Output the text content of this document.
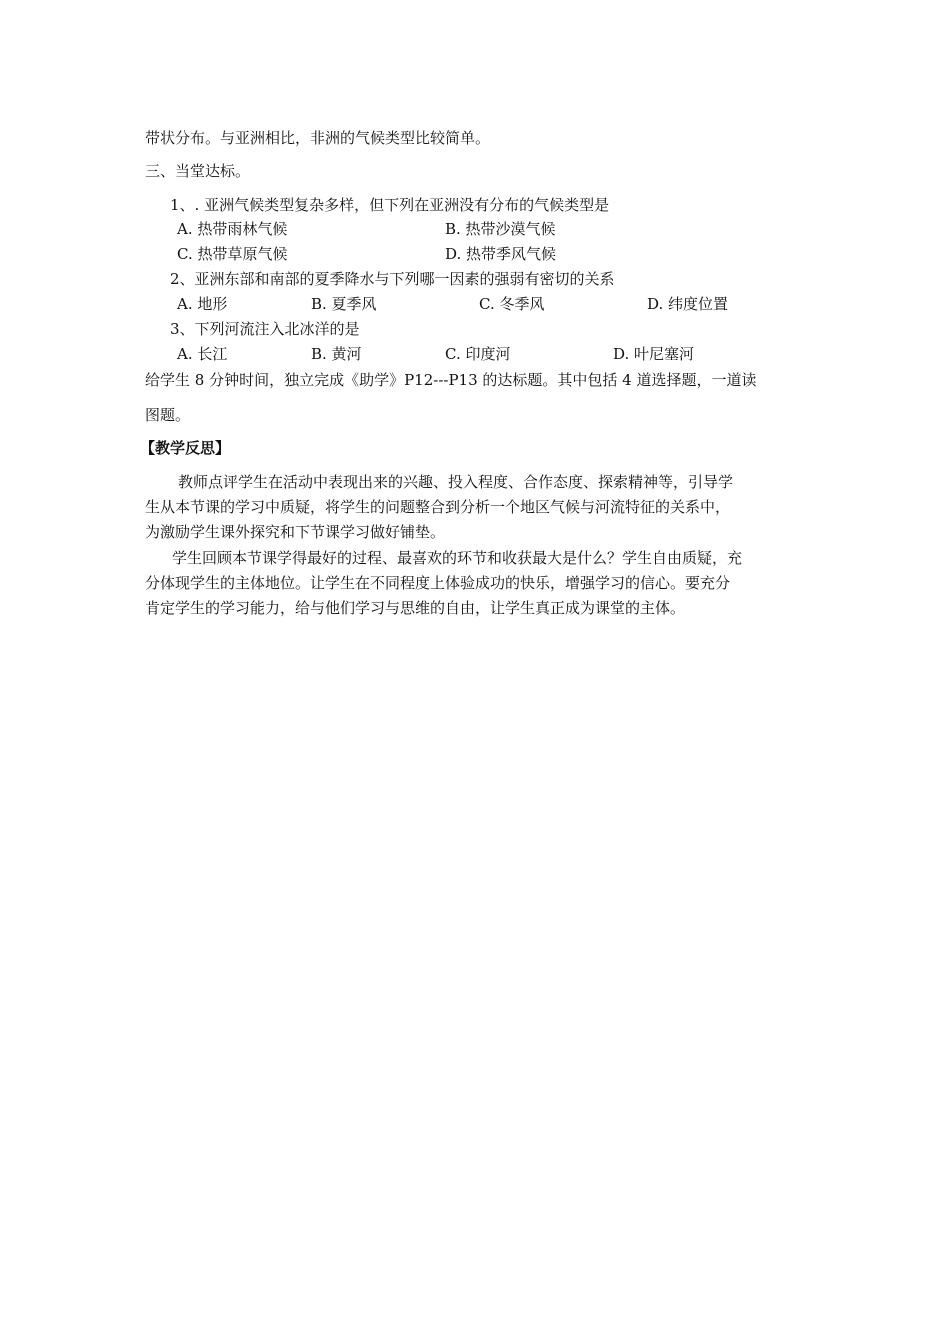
带状分布。与亚洲相比，非洲的气候类型比较简单。
三、当堂达标。
1、. 亚洲气候类型复杂多样，但下列在亚洲没有分布的气候类型是
A. 热带雨林气候	B. 热带沙漠气候
C. 热带草原气候	D. 热带季风气候
2、亚洲东部和南部的夏季降水与下列哪一因素的强弱有密切的关系
A. 地形	B. 夏季风	C. 冬季风	D. 纬度位置
3、下列河流注入北冰洋的是
A. 长江	B. 黄河	C. 印度河	D. 叶尼塞河
给学生 8 分钟时间，独立完成《助学》P12---P13 的达标题。其中包括 4 道选择题，一道读
图题。
【教学反思】
教师点评学生在活动中表现出来的兴趣、投入程度、合作态度、探索精神等，引导学
生从本节课的学习中质疑，将学生的问题整合到分析一个地区气候与河流特征的关系中，
为激励学生课外探究和下节课学习做好铺垫。
学生回顾本节课学得最好的过程、最喜欢的环节和收获最大是什么？学生自由质疑，充
分体现学生的主体地位。让学生在不同程度上体验成功的快乐，增强学习的信心。要充分
肯定学生的学习能力，给与他们学习与思维的自由，让学生真正成为课堂的主体。
